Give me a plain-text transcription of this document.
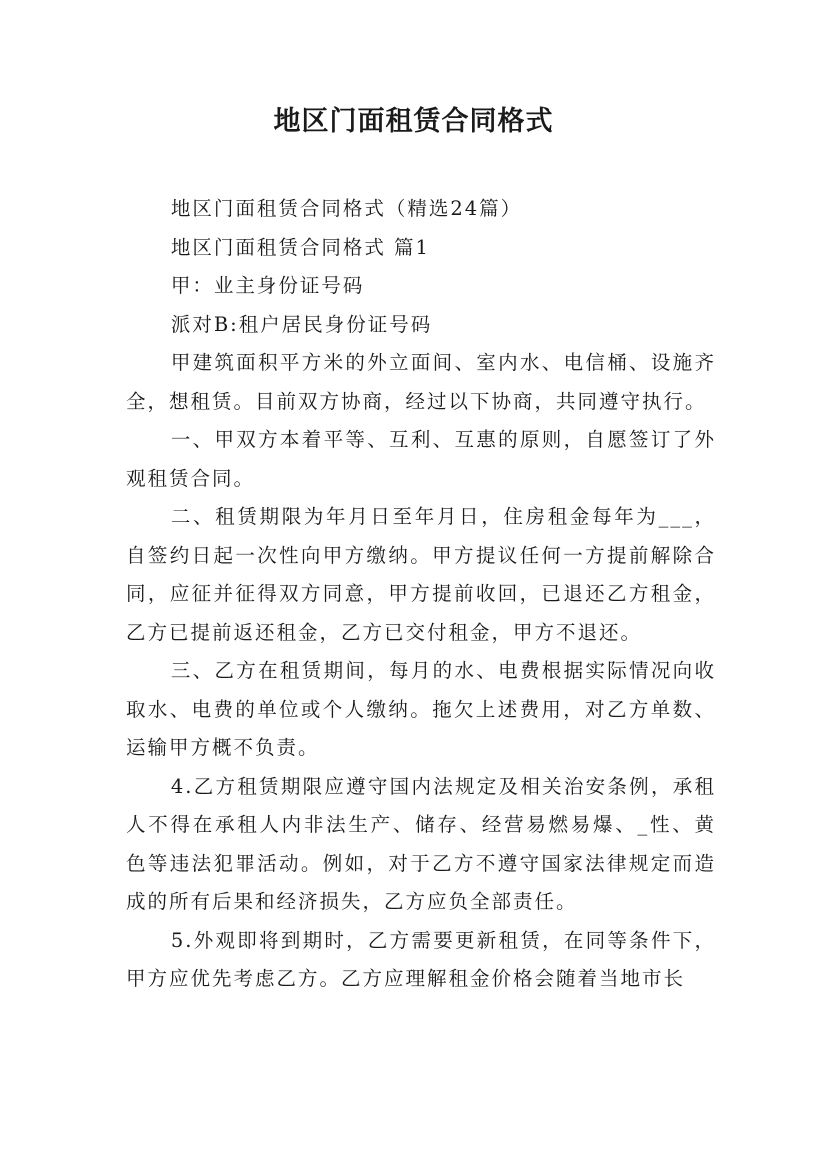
地区门面租赁合同格式

地区门面租赁合同格式（精选24篇）

地区门面租赁合同格式 篇1

甲：业主身份证号码

派对B:租户居民身份证号码

甲建筑面积平方米的外立面间、室内水、电信桶、设施齐全，想租赁。目前双方协商，经过以下协商，共同遵守执行。

一、甲双方本着平等、互利、互惠的原则，自愿签订了外观租赁合同。

二、租赁期限为年月日至年月日，住房租金每年为___，自签约日起一次性向甲方缴纳。甲方提议任何一方提前解除合同，应征并征得双方同意，甲方提前收回，已退还乙方租金，乙方已提前返还租金，乙方已交付租金，甲方不退还。

三、乙方在租赁期间，每月的水、电费根据实际情况向收取水、电费的单位或个人缴纳。拖欠上述费用，对乙方单数、运输甲方概不负责。

4.乙方租赁期限应遵守国内法规定及相关治安条例，承租人不得在承租人内非法生产、储存、经营易燃易爆、_性、黄色等违法犯罪活动。例如，对于乙方不遵守国家法律规定而造成的所有后果和经济损失，乙方应负全部责任。

5.外观即将到期时，乙方需要更新租赁，在同等条件下，甲方应优先考虑乙方。乙方应理解租金价格会随着当地市长
